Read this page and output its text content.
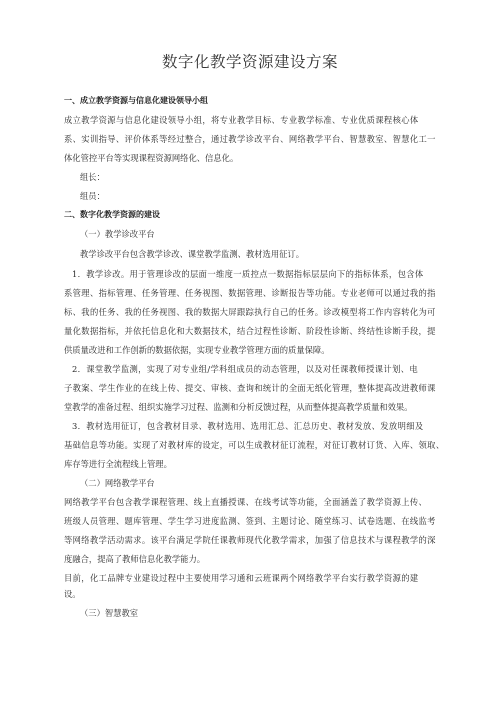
数字化教学资源建设方案
一、成立教学资源与信息化建设领导小组
成立教学资源与信息化建设领导小组，将专业教学目标、专业教学标准、专业优质课程核心体
系、实训指导、评价体系等经过整合，通过教学诊改平台、网络教学平台、智慧教室、智慧化工一
体化管控平台等实现课程资源网络化、信息化。
组长：
组员：
二、数字化教学资源的建设
（一）教学诊改平台
教学诊改平台包含教学诊改、课堂教学监测、教材选用征订。
1．教学诊改。用于管理诊改的层面一维度一质控点一数据指标层层向下的指标体系，包含体
系管理、指标管理、任务管理、任务视图、数据管理、诊断报告等功能。专业老师可以通过我的指
标、我的任务、我的任务视图、我的数据大屏跟踪执行自己的任务。诊改模型将工作内容转化为可
量化数据指标，并依托信息化和大数据技术，结合过程性诊断、阶段性诊断、终结性诊断手段，提
供质量改进和工作创新的数据依据，实现专业教学管理方面的质量保障。
2．课堂教学监测，实现了对专业组/学科组成员的动态管理，以及对任课教师授课计划、电
子教案、学生作业的在线上传、提交、审核、查询和统计的全面无纸化管理，整体提高改进教师课
堂教学的准备过程、组织实施学习过程、监测和分析反馈过程，从而整体提高教学质量和效果。
3．教材选用征订，包含教材目录、教材选用、选用汇总、汇总历史、教材发放、发放明细及
基础信息等功能。实现了对教材库的设定，可以生成教材征订流程，对征订教材订货、入库、领取、
库存等进行全流程线上管理。
（二）网络教学平台
网络教学平台包含教学课程管理、线上直播授课、在线考试等功能，全面涵盖了教学资源上传、
班级人员管理、题库管理、学生学习进度监测、签到、主题讨论、随堂练习、试卷选题、在线监考
等网络教学活动需求。该平台满足学院任课教师现代化教学需求，加强了信息技术与课程教学的深
度融合，提高了教师信息化教学能力。
目前，化工品牌专业建设过程中主要使用学习通和云班课两个网络教学平台实行教学资源的建
设。
（三）智慧教室
